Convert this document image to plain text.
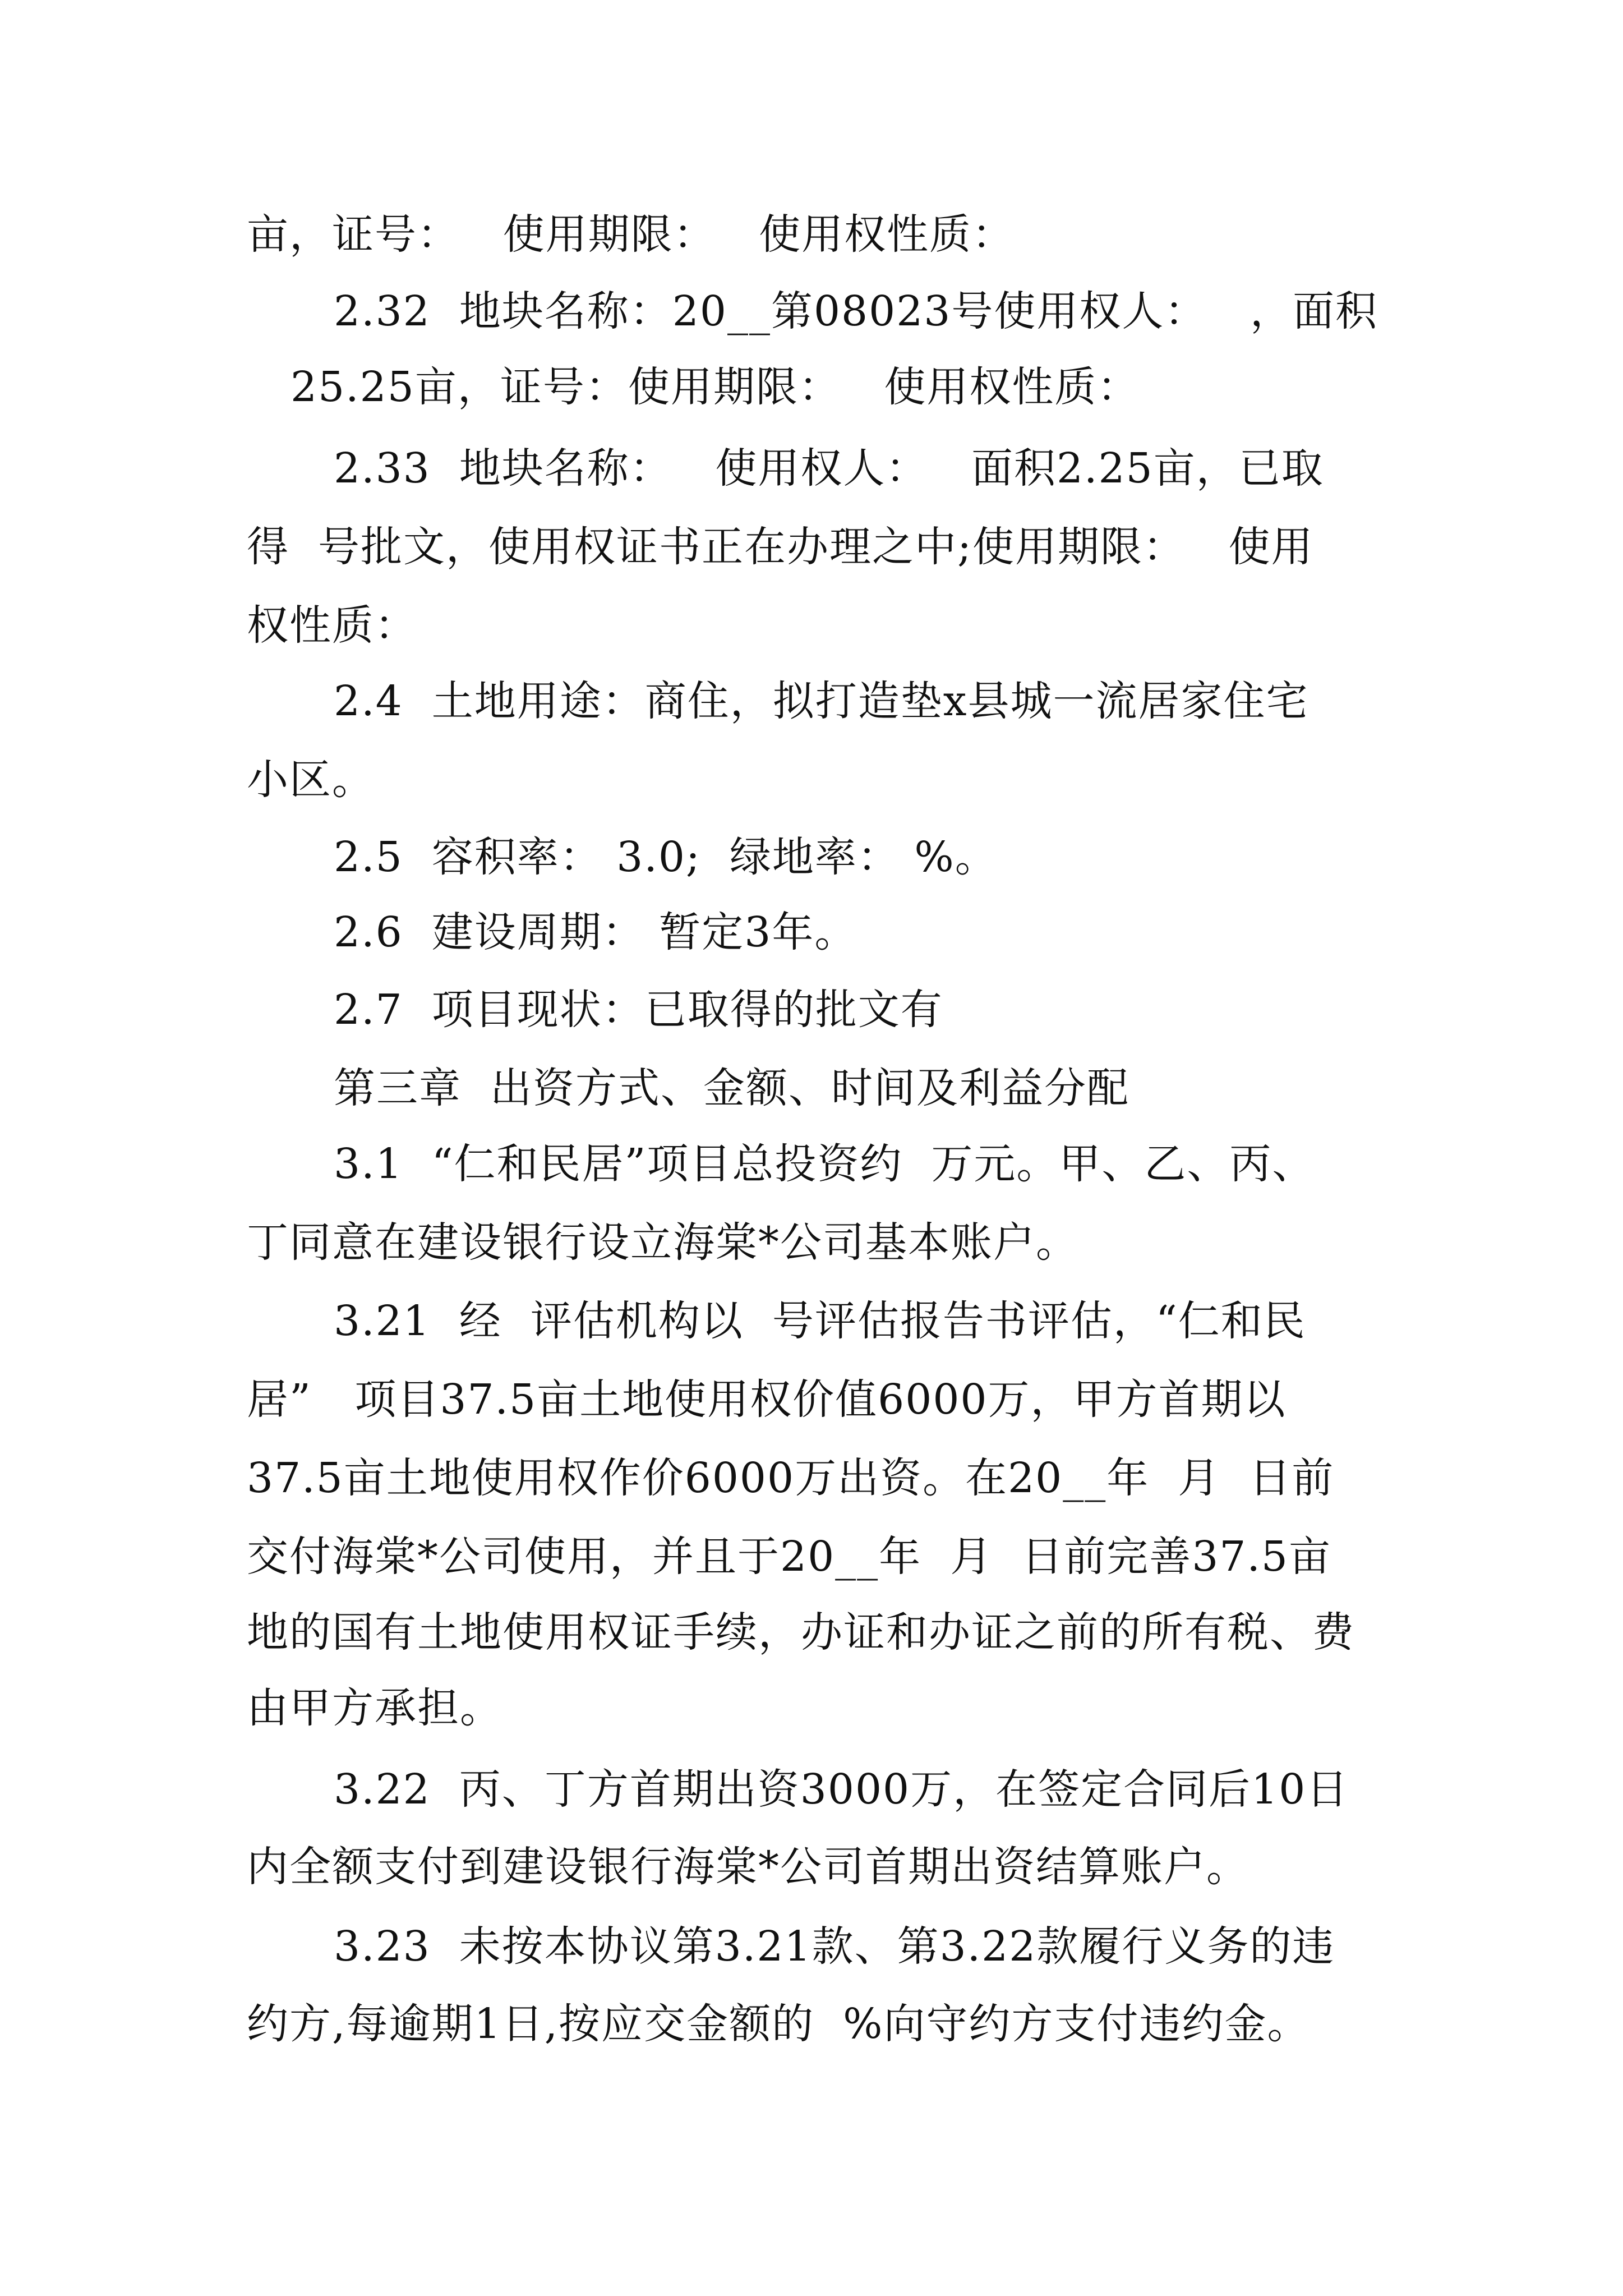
亩，证号：   使用期限：   使用权性质：
2.32  地块名称：20__第08023号使用权人：   ，面积
25.25亩，证号：使用期限：   使用权性质：
2.33  地块名称：   使用权人：   面积2.25亩，已取
得  号批文，使用权证书正在办理之中;使用期限：   使用
权性质：
2.4  土地用途：商住，拟打造垫x县城一流居家住宅
小区。
2.5  容积率： 3.0;  绿地率： %。
2.6  建设周期： 暂定3年。
2.7  项目现状：已取得的批文有
第三章  出资方式、金额、时间及利益分配
3.1  “仁和民居”项目总投资约  万元。甲、乙、丙、
丁同意在建设银行设立海棠*公司基本账户。
3.21  经  评估机构以  号评估报告书评估，“仁和民
居”   项目37.5亩土地使用权价值6000万，甲方首期以
37.5亩土地使用权作价6000万出资。在20__年  月  日前
交付海棠*公司使用，并且于20__年  月  日前完善37.5亩
地的国有土地使用权证手续，办证和办证之前的所有税、费
由甲方承担。
3.22  丙、丁方首期出资3000万，在签定合同后10日
内全额支付到建设银行海棠*公司首期出资结算账户。
3.23  未按本协议第3.21款、第3.22款履行义务的违
约方,每逾期1日,按应交金额的  %向守约方支付违约金。
